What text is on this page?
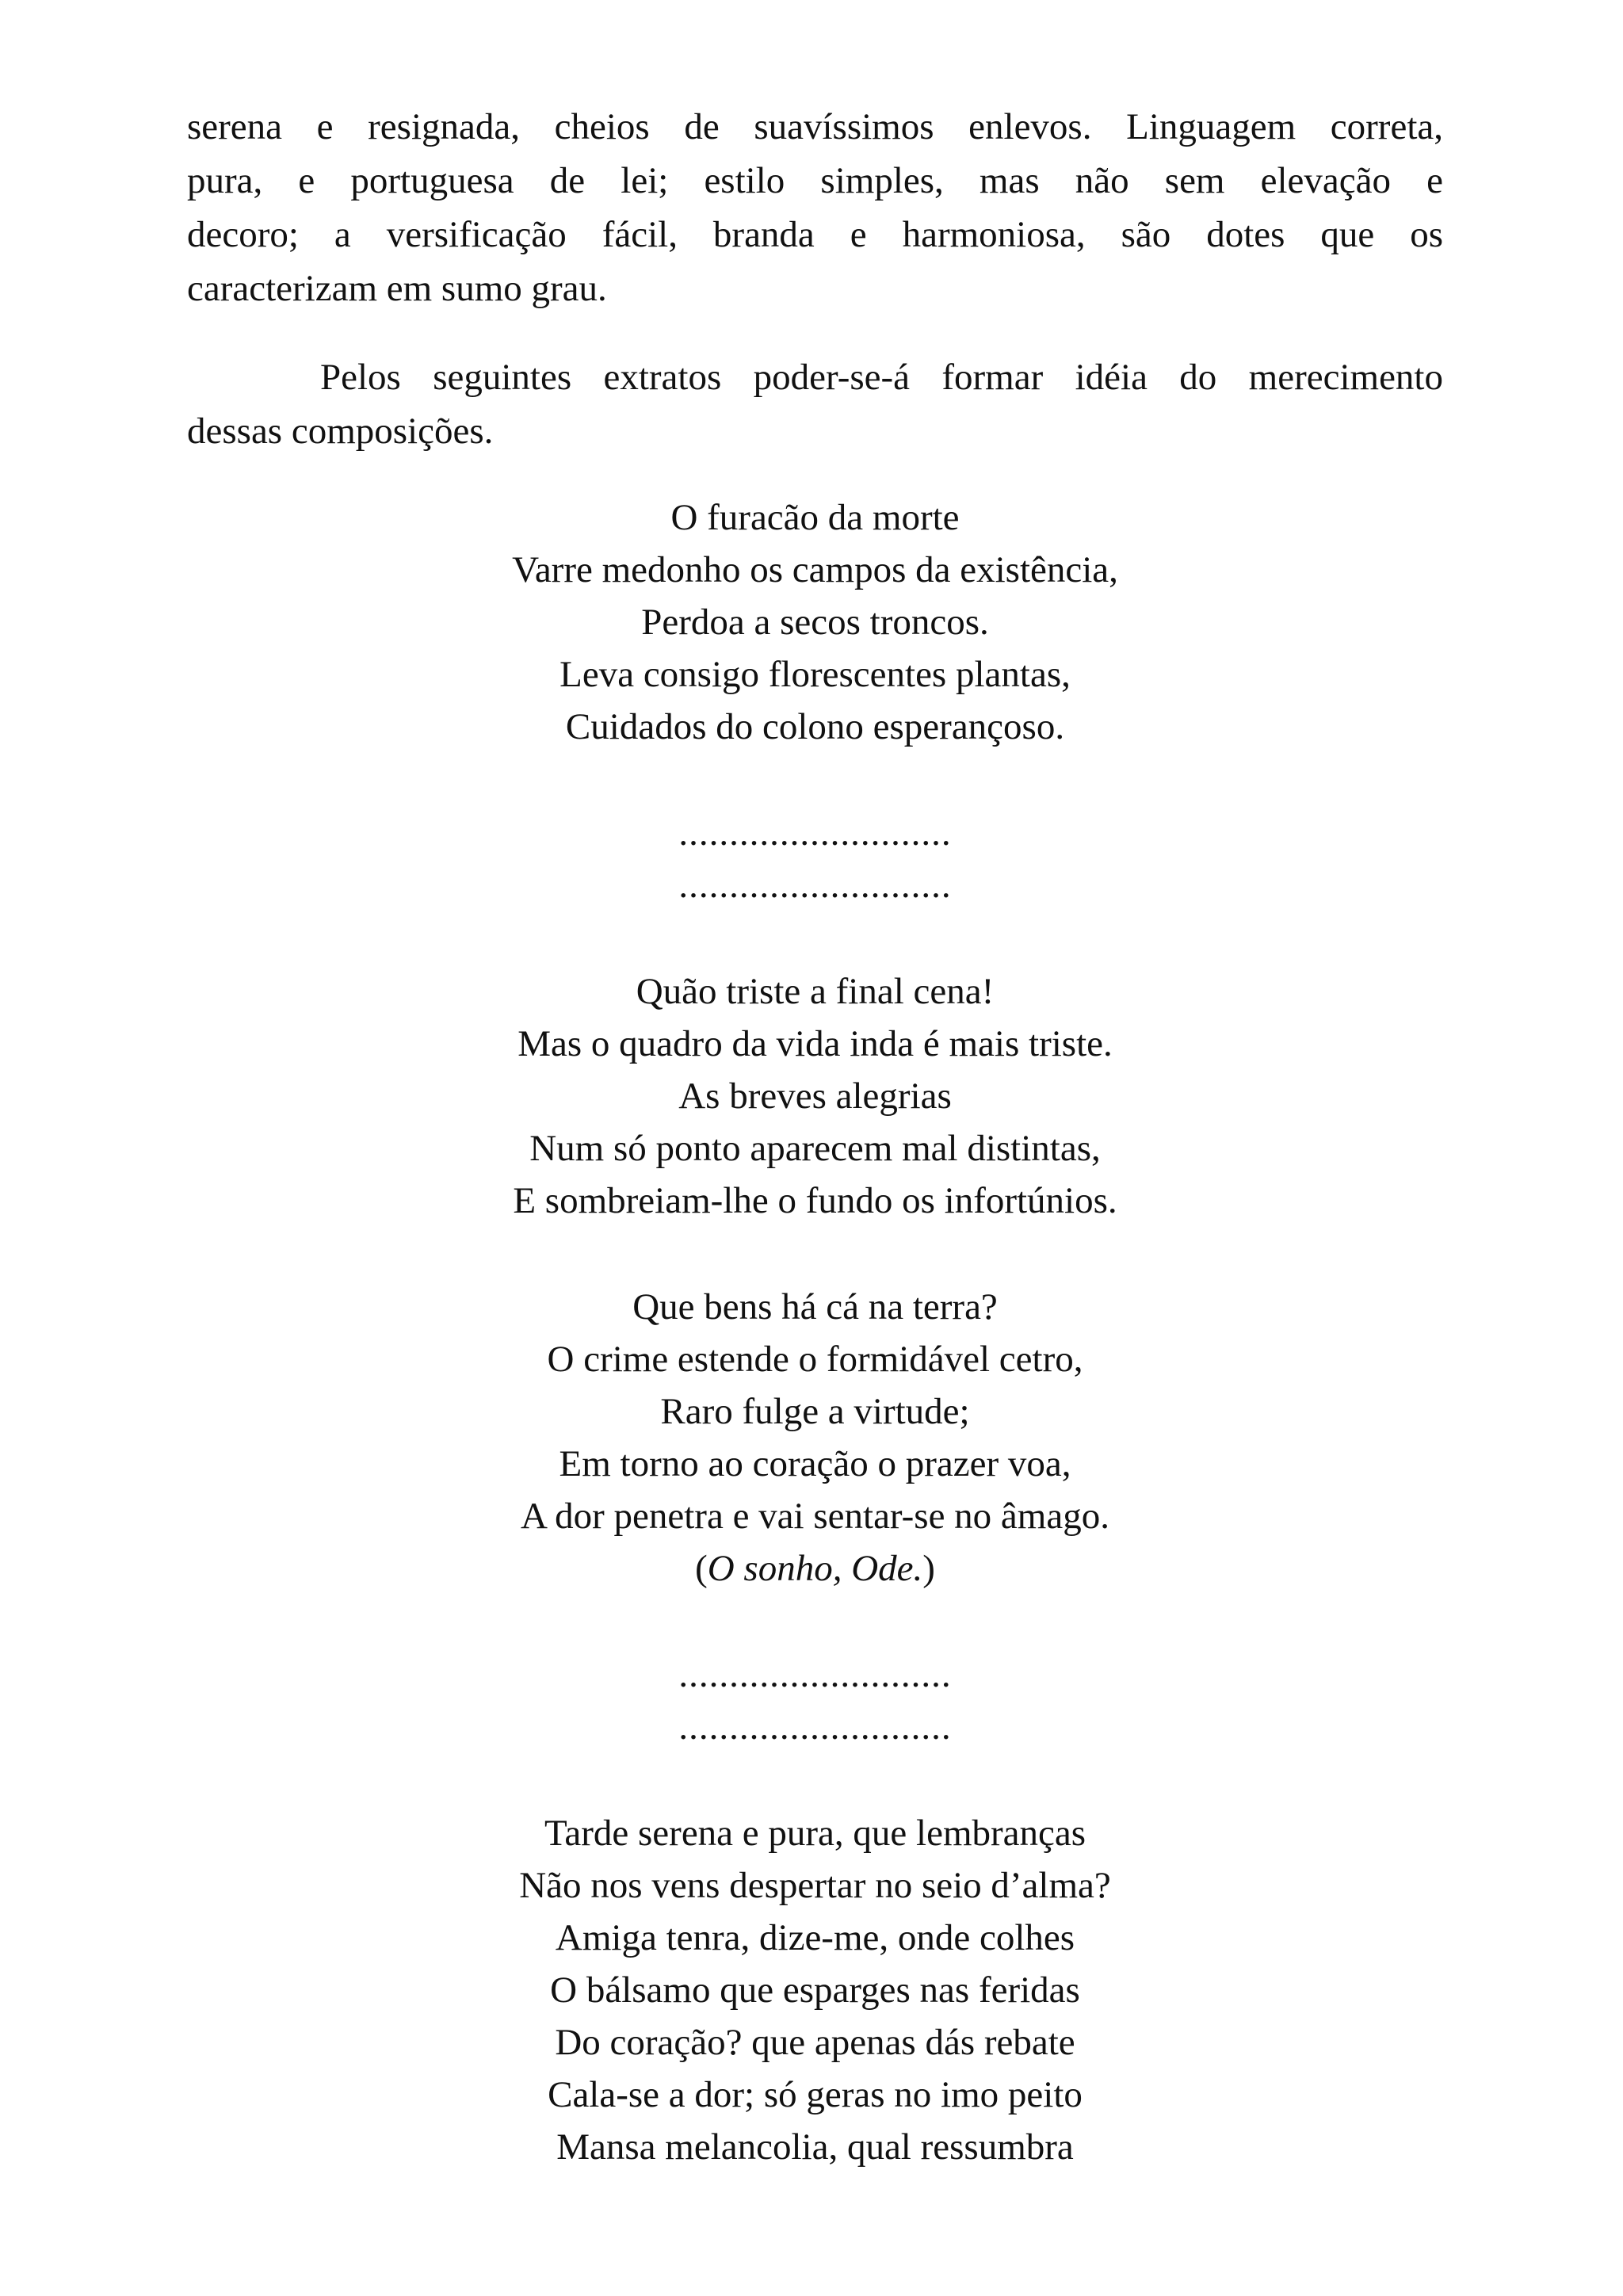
serena e resignada, cheios de suavíssimos enlevos. Linguagem correta,
pura, e portuguesa de lei; estilo simples, mas não sem elevação e
decoro; a versificação fácil, branda e harmoniosa, são dotes que os
caracterizam em sumo grau.

Pelos seguintes extratos poder-se-á formar idéia do merecimento
dessas composições.

O furacão da morte
Varre medonho os campos da existência,
Perdoa a secos troncos.
Leva consigo florescentes plantas,
Cuidados do colono esperançoso.
...........................
...........................
Quão triste a final cena!
Mas o quadro da vida inda é mais triste.
As breves alegrias
Num só ponto aparecem mal distintas,
E sombreiam-lhe o fundo os infortúnios.
Que bens há cá na terra?
O crime estende o formidável cetro,
Raro fulge a virtude;
Em torno ao coração o prazer voa,
A dor penetra e vai sentar-se no âmago.
(O sonho, Ode.)
...........................
...........................
Tarde serena e pura, que lembranças
Não nos vens despertar no seio d’alma?
Amiga tenra, dize-me, onde colhes
O bálsamo que esparges nas feridas
Do coração? que apenas dás rebate
Cala-se a dor; só geras no imo peito
Mansa melancolia, qual ressumbra
